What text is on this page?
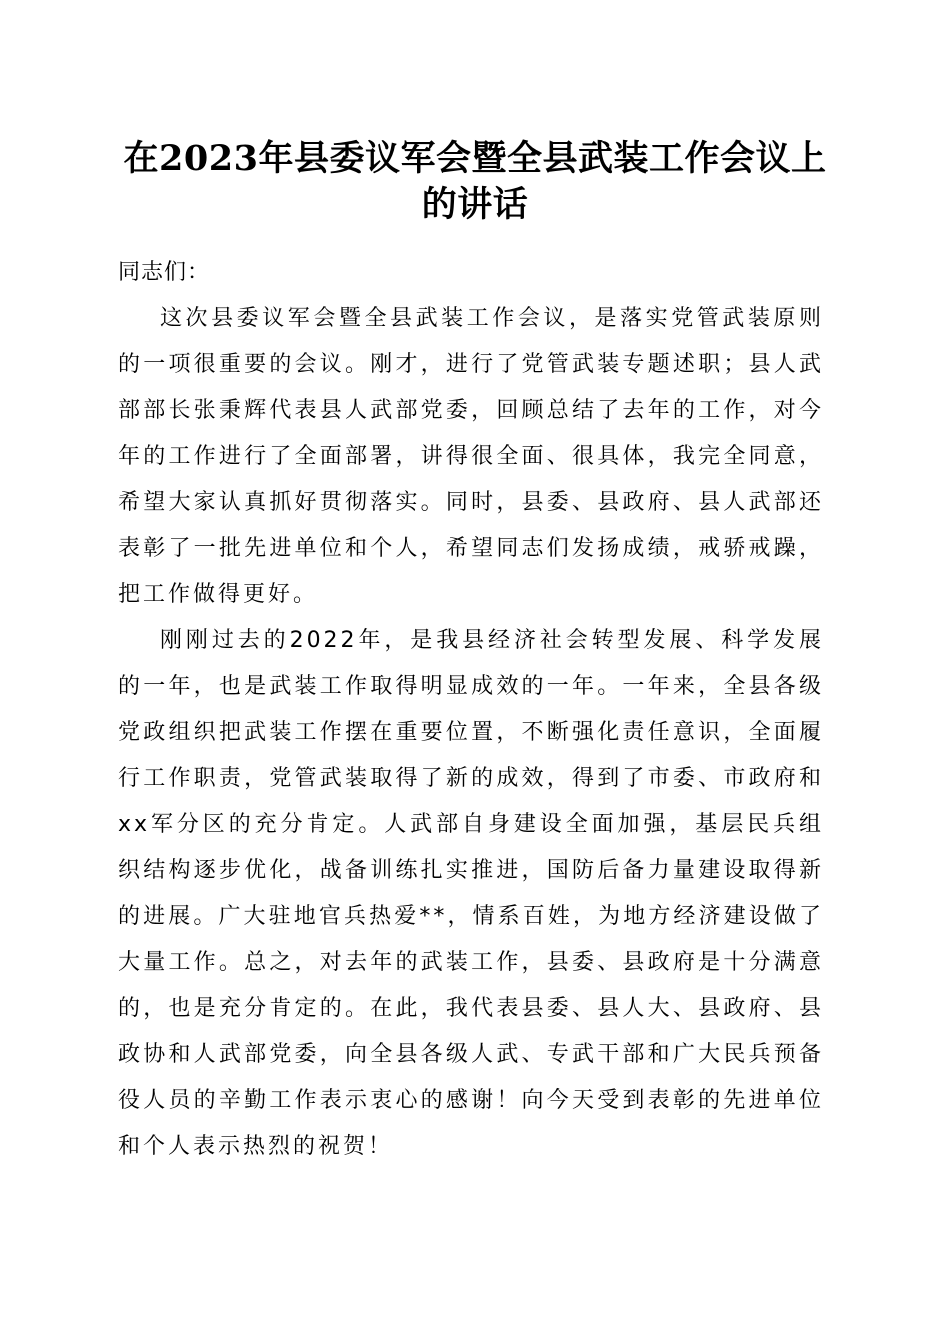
在2023年县委议军会暨全县武装工作会议上的讲话

同志们：

这次县委议军会暨全县武装工作会议，是落实党管武装原则的一项很重要的会议。刚才，进行了党管武装专题述职；县人武部部长张秉辉代表县人武部党委，回顾总结了去年的工作，对今年的工作进行了全面部署，讲得很全面、很具体，我完全同意，希望大家认真抓好贯彻落实。同时，县委、县政府、县人武部还表彰了一批先进单位和个人，希望同志们发扬成绩，戒骄戒躁，把工作做得更好。

刚刚过去的2022年，是我县经济社会转型发展、科学发展的一年，也是武装工作取得明显成效的一年。一年来，全县各级党政组织把武装工作摆在重要位置，不断强化责任意识，全面履行工作职责，党管武装取得了新的成效，得到了市委、市政府和xx军分区的充分肯定。人武部自身建设全面加强，基层民兵组织结构逐步优化，战备训练扎实推进，国防后备力量建设取得新的进展。广大驻地官兵热爱**，情系百姓，为地方经济建设做了大量工作。总之，对去年的武装工作，县委、县政府是十分满意的，也是充分肯定的。在此，我代表县委、县人大、县政府、县政协和人武部党委，向全县各级人武、专武干部和广大民兵预备役人员的辛勤工作表示衷心的感谢！向今天受到表彰的先进单位和个人表示热烈的祝贺！
